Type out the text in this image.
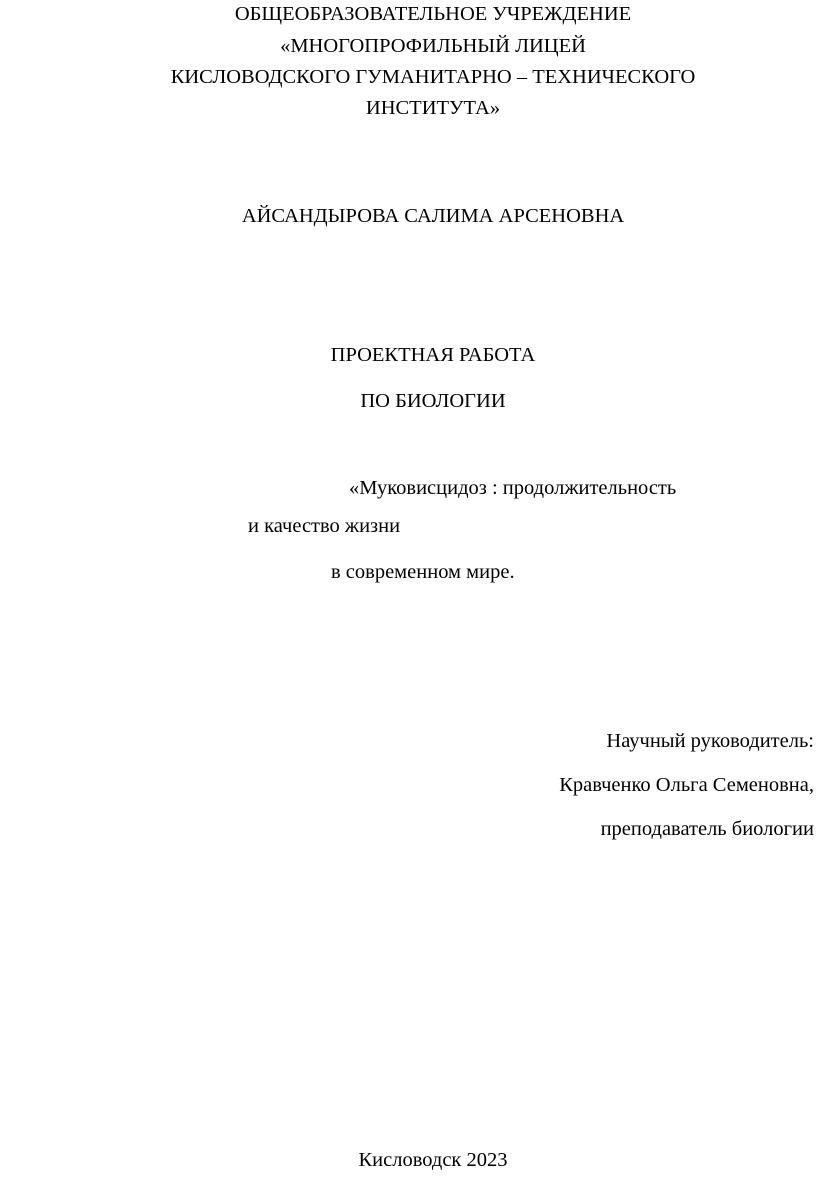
ОБЩЕОБРАЗОВАТЕЛЬНОЕ УЧРЕЖДЕНИЕ
«МНОГОПРОФИЛЬНЫЙ ЛИЦЕЙ
КИСЛОВОДСКОГО ГУМАНИТАРНО – ТЕХНИЧЕСКОГО
ИНСТИТУТА»
АЙСАНДЫРОВА САЛИМА АРСЕНОВНА
ПРОЕКТНАЯ РАБОТА
ПО БИОЛОГИИ
«Муковисцидоз : продолжительность
и качество жизни
в современном мире.
Научный руководитель:
Кравченко Ольга Семеновна,
преподаватель биологии
Кисловодск 2023
